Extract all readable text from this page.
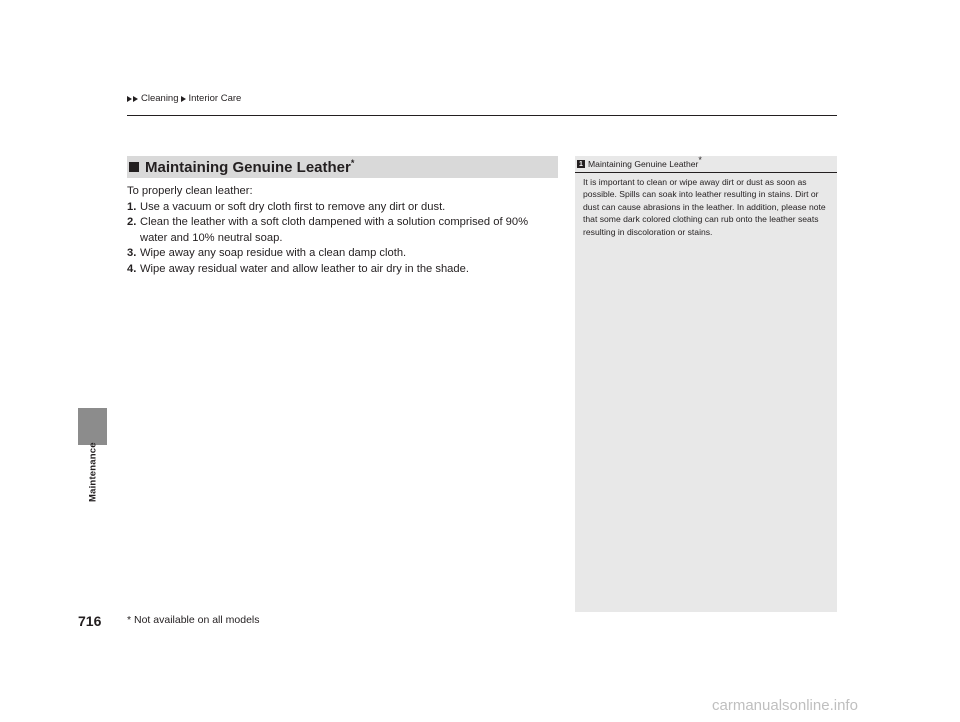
Cleaning Interior Care
Maintenance
Maintaining Genuine Leather*

To properly clean leather:

1. Use a vacuum or soft dry cloth first to remove any dirt or dust.
2. Clean the leather with a soft cloth dampened with a solution comprised of 90% water and 10% neutral soap.
3. Wipe away any soap residue with a clean damp cloth.
4. Wipe away residual water and allow leather to air dry in the shade.
1 Maintaining Genuine Leather*
It is important to clean or wipe away dirt or dust as soon as possible. Spills can soak into leather resulting in stains. Dirt or dust can cause abrasions in the leather. In addition, please note that some dark colored clothing can rub onto the leather seats resulting in discoloration or stains.
716 * Not available on all models
carmanualsonline.info
